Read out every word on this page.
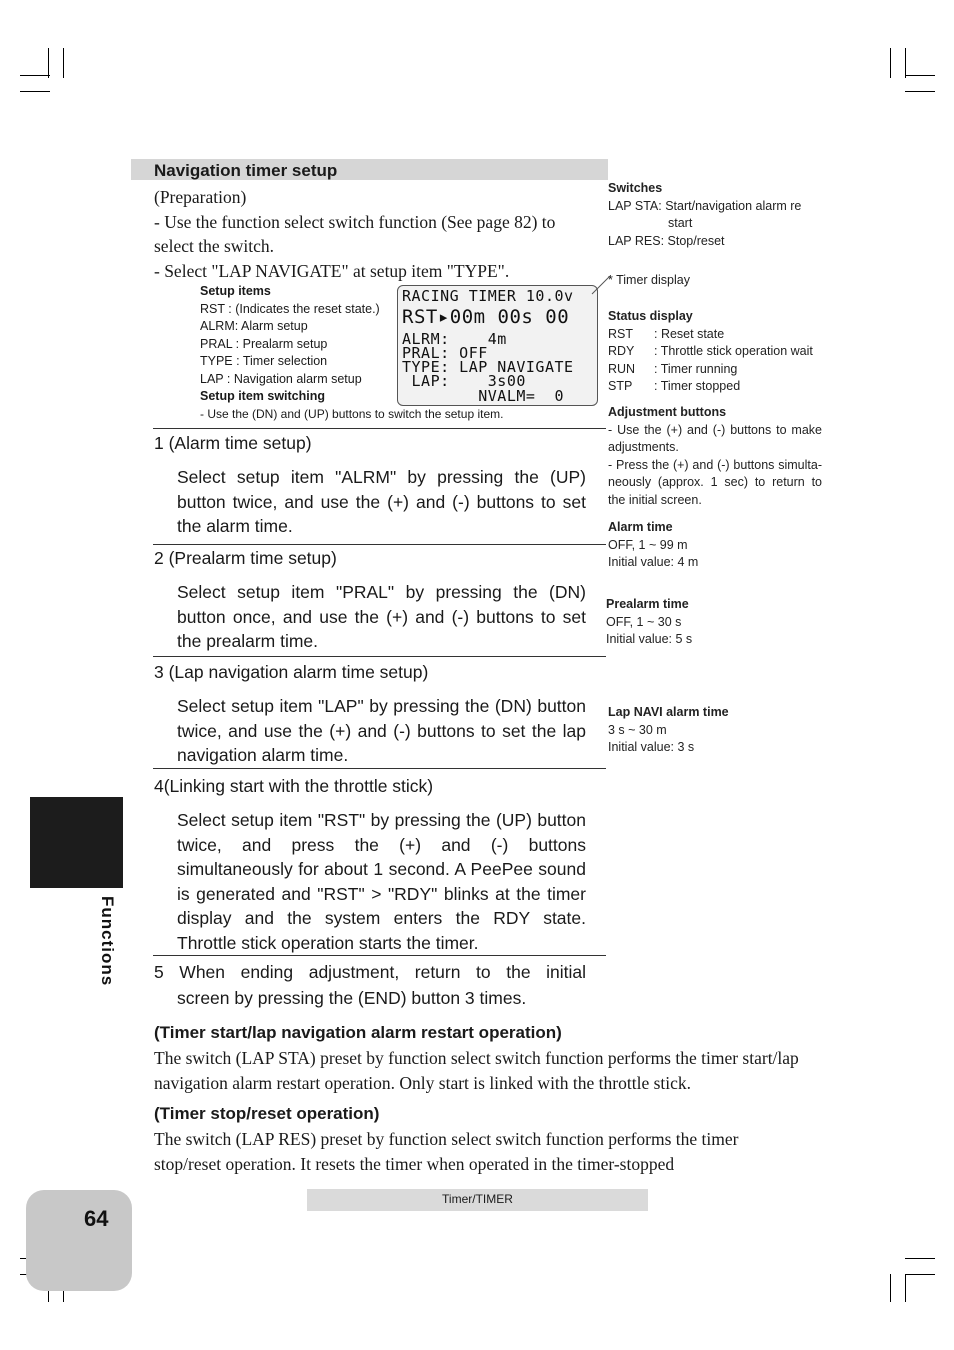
Navigation timer setup
(Preparation)
- Use the function select switch function (See page 82) to select the switch.
- Select "LAP NAVIGATE" at setup item "TYPE".
Setup items
RST : (Indicates the reset state.)
ALRM: Alarm setup
PRAL : Prealarm setup
TYPE : Timer selection
LAP : Navigation alarm setup
Setup item switching
- Use the (DN) and (UP) buttons to switch the setup item.
RACING TIMER 10.0v
RST▸00m 00s 00
ALRM:    4m
PRAL: OFF
TYPE: LAP NAVIGATE
LAP:    3s00
NVALM=  0
1 (Alarm time setup)
Select setup item "ALRM" by pressing the (UP) button twice, and use the (+) and (-) buttons to set the alarm time.
2 (Prealarm time setup)
Select setup item "PRAL" by pressing the (DN) button once, and use the (+) and (-) buttons to set the prealarm time.
3 (Lap navigation alarm time setup)
Select setup item "LAP" by pressing the (DN) button twice, and use the (+) and (-) buttons to set the lap navigation alarm time.
4(Linking start with the throttle stick)
Select setup item "RST" by pressing the (UP) button twice, and press the (+) and (-) buttons simultaneously for about 1 second. A PeePee sound is generated and "RST" > "RDY" blinks at the timer display and the system enters the RDY state. Throttle stick operation starts the timer.
5 When ending adjustment, return to the initial
screen by pressing the (END) button 3 times.
Switches
LAP STA: Start/navigation alarm re
start
LAP RES: Stop/reset
* Timer display
Status display
RST : Reset state
RDY : Throttle stick operation wait
RUN : Timer running
STP : Timer stopped
Adjustment buttons
- Use the (+) and (-) buttons to make adjustments.
- Press the (+) and (-) buttons simulta-neously (approx. 1 sec) to return to the initial screen.
Alarm time
OFF, 1 ~ 99 m
Initial value: 4 m
Prealarm time
OFF, 1 ~ 30 s
Initial value: 5 s
Lap NAVI alarm time
3 s ~ 30 m
Initial value: 3 s
Functions
(Timer start/lap navigation alarm restart operation)
The switch (LAP STA) preset by function select switch function performs the timer start/lap navigation alarm restart operation. Only start is linked with the throttle stick.
(Timer stop/reset operation)
The switch (LAP RES) preset by function select switch function performs the timer stop/reset operation. It resets the timer when operated in the timer-stopped
Timer/TIMER
64
